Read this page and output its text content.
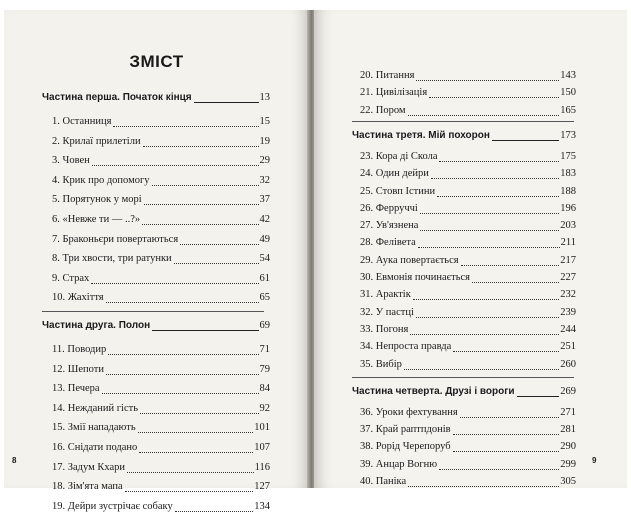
ЗМІСТ
Частина перша. Початок кінця	13
1. Останниця	15
2. Крилаї прилетіли	19
3. Човен	29
4. Крик про допомогу	32
5. Порятунок у морі	37
6. «Невже ти — ..?»	42
7. Браконьєри повертаються	49
8. Три хвости, три ратунки	54
9. Страх	61
10. Жахіття	65
Частина друга. Полон	69
11. Поводир	71
12. Шепоти	79
13. Печера	84
14. Нежданий гість	92
15. Змії нападають	101
16. Снідати подано	107
17. Задум Кхари	116
18. Зім'ята мапа	127
19. Дейри зустрічає собаку	134
8
20. Питання	143
21. Цивілізація	150
22. Пором	165
Частина третя. Мій похорон	173
23. Кора ді Скола	175
24. Один дейри	183
25. Стовп Істини	188
26. Ферруччі	196
27. Ув'язнена	203
28. Фелівета	211
29. Аука повертається	217
30. Евмонія починається	227
31. Арактік	232
32. У пастці	239
33. Погоня	244
34. Непроста правда	251
35. Вибір	260
Частина четверта. Друзі і вороги	269
36. Уроки фехтування	271
37. Край раптпдонів	281
38. Рорід Черепоруб	290
39. Анцар Вогню	299
40. Паніка	305
9
